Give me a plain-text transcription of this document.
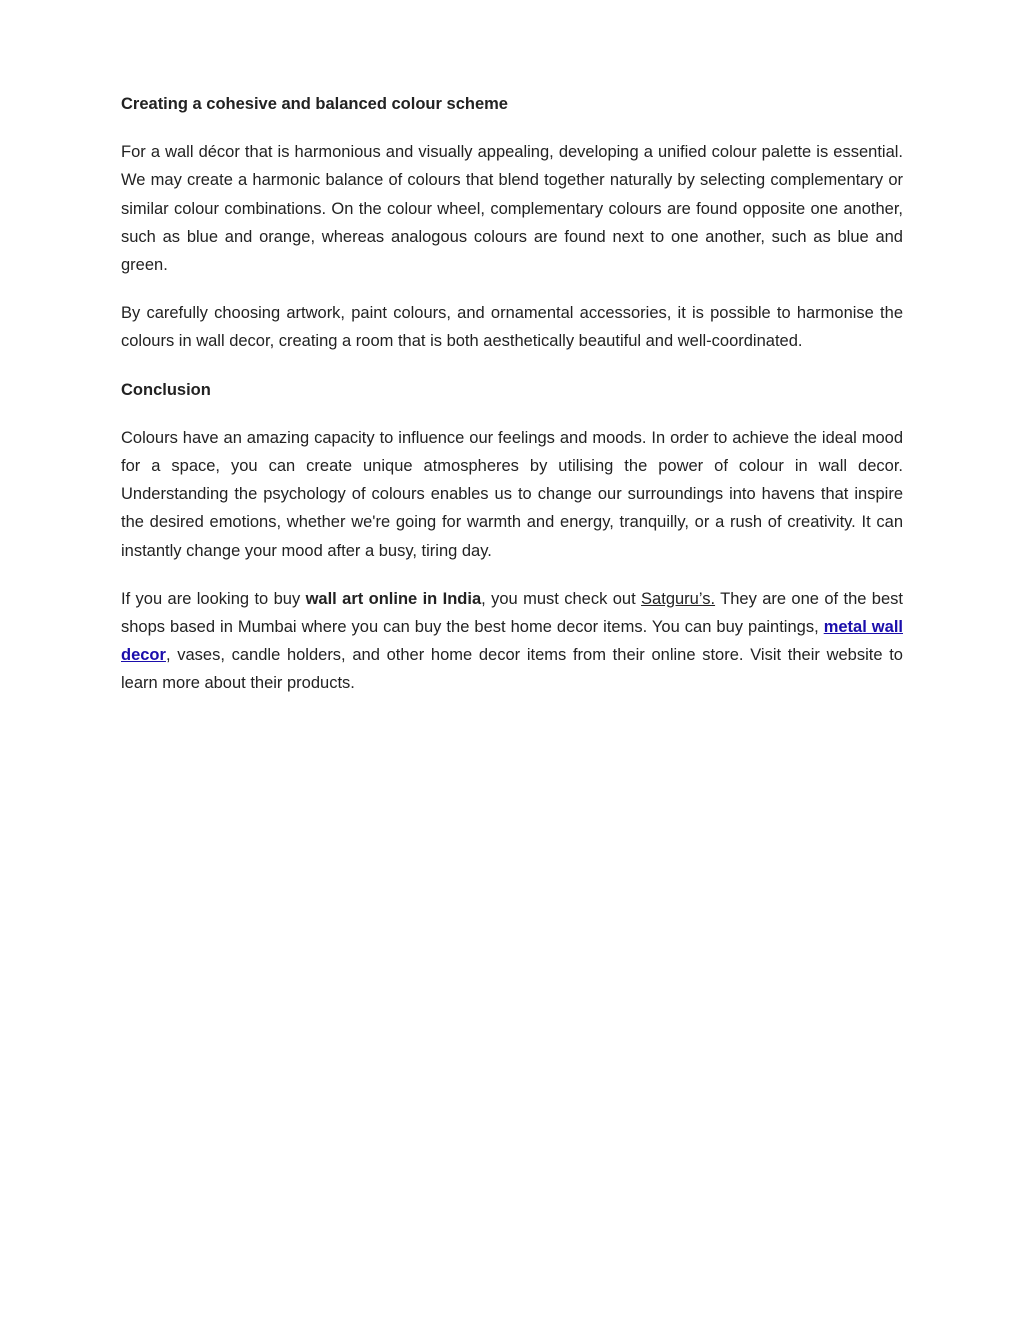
Creating a cohesive and balanced colour scheme

For a wall décor that is harmonious and visually appealing, developing a unified colour palette is essential. We may create a harmonic balance of colours that blend together naturally by selecting complementary or similar colour combinations. On the colour wheel, complementary colours are found opposite one another, such as blue and orange, whereas analogous colours are found next to one another, such as blue and green.

By carefully choosing artwork, paint colours, and ornamental accessories, it is possible to harmonise the colours in wall decor, creating a room that is both aesthetically beautiful and well-coordinated.

Conclusion

Colours have an amazing capacity to influence our feelings and moods. In order to achieve the ideal mood for a space, you can create unique atmospheres by utilising the power of colour in wall decor. Understanding the psychology of colours enables us to change our surroundings into havens that inspire the desired emotions, whether we're going for warmth and energy, tranquilly, or a rush of creativity. It can instantly change your mood after a busy, tiring day.

If you are looking to buy wall art online in India, you must check out Satguru’s. They are one of the best shops based in Mumbai where you can buy the best home decor items. You can buy paintings, metal wall decor, vases, candle holders, and other home decor items from their online store. Visit their website to learn more about their products.
